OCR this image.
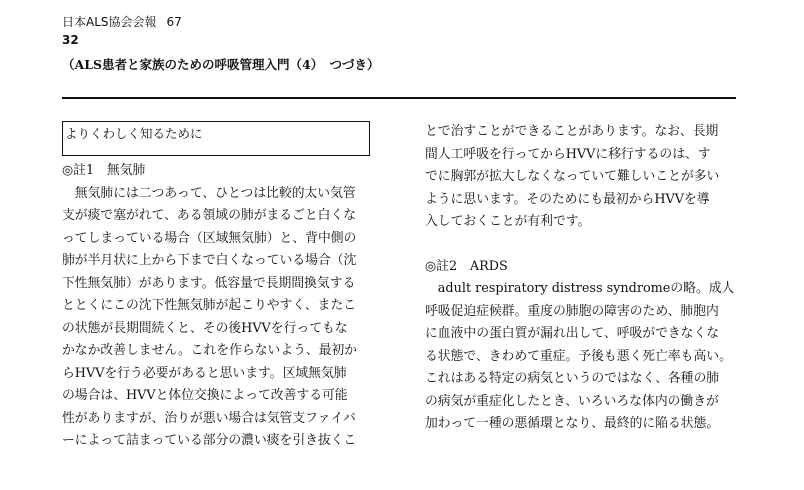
日本ALS協会会報 67
32
（ALS患者と家族のための呼吸管理入門（4）　つづき）
よりくわしく知るために
◎註1　無気肺
　無気肺には二つあって、ひとつは比較的太い気管
支が痰で塞がれて、ある領域の肺がまるごと白くな
ってしまっている場合（区域無気肺）と、背中側の
肺が半月状に上から下まで白くなっている場合（沈
下性無気肺）があります。低容量で長期間換気する
ととくにこの沈下性無気肺が起こりやすく、またこ
の状態が長期間続くと、その後HVVを行ってもな
かなか改善しません。これを作らないよう、最初か
らHVVを行う必要があると思います。区域無気肺
の場合は、HVVと体位交換によって改善する可能
性がありますが、治りが悪い場合は気管支ファイバ
ーによって詰まっている部分の濃い痰を引き抜くこ
とで治すことができることがあります。なお、長期
間人工呼吸を行ってからHVVに移行するのは、す
でに胸郭が拡大しなくなっていて難しいことが多い
ように思います。そのためにも最初からHVVを導
入しておくことが有利です。
◎註2　ARDS
　adult respiratory distress syndromeの略。成人
呼吸促迫症候群。重度の肺胞の障害のため、肺胞内
に血液中の蛋白質が漏れ出して、呼吸ができなくな
る状態で、きわめて重症。予後も悪く死亡率も高い。
これはある特定の病気というのではなく、各種の肺
の病気が重症化したとき、いろいろな体内の働きが
加わって一種の悪循環となり、最終的に陥る状態。
